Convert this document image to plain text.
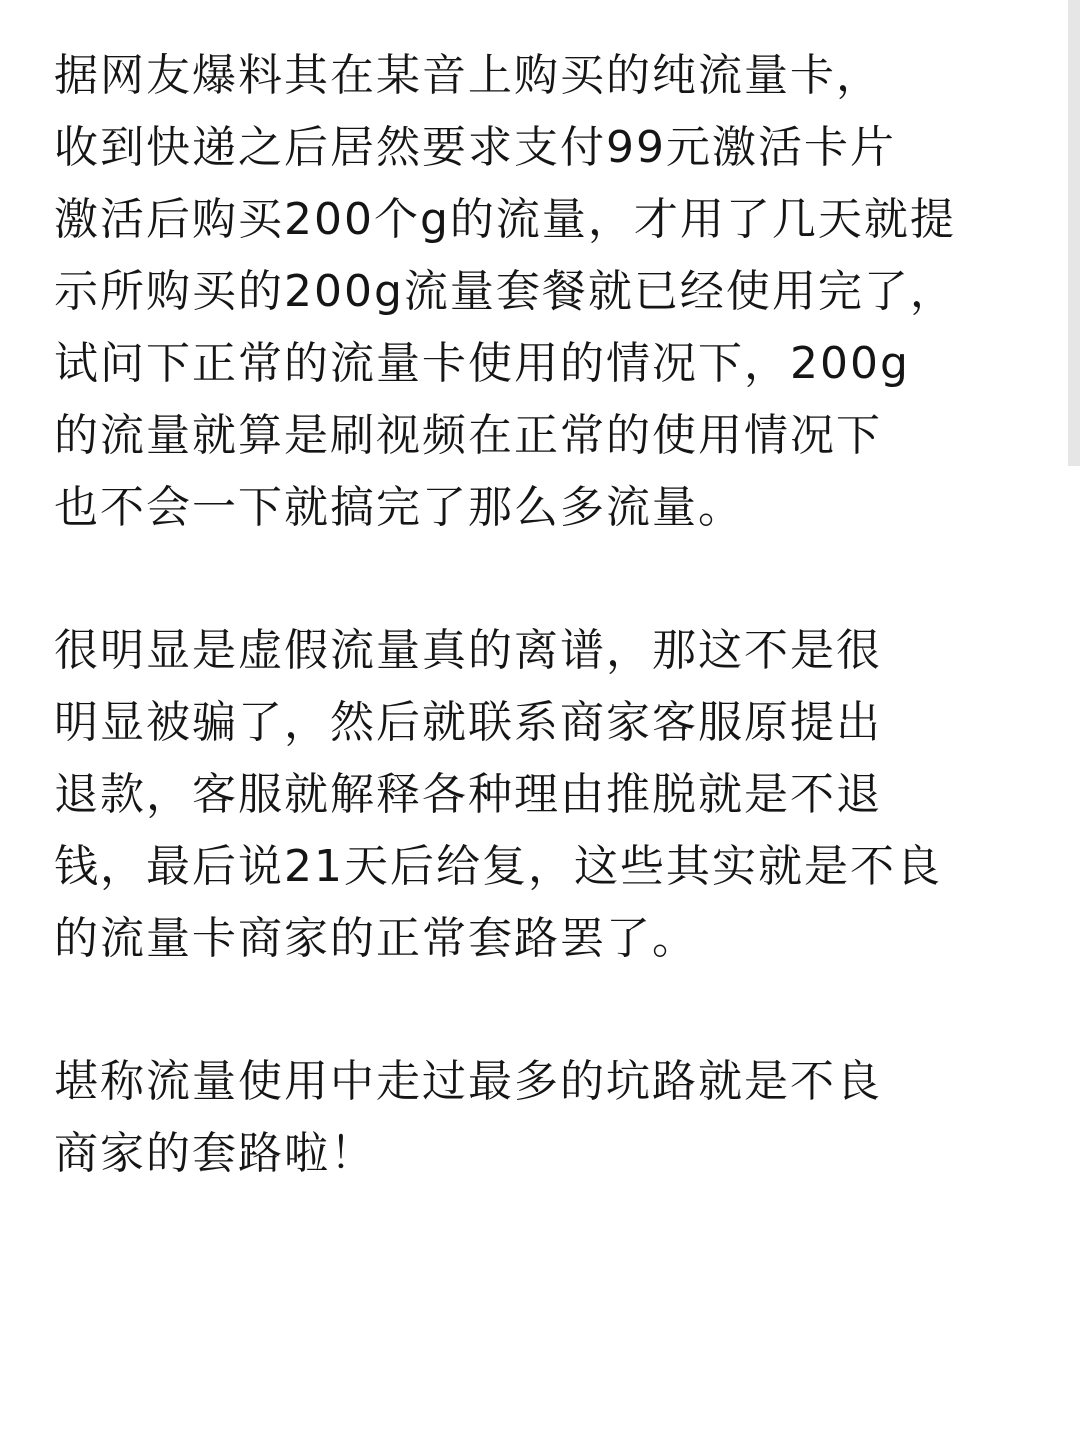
据网友爆料其在某音上购买的纯流量卡，
收到快递之后居然要求支付99元激活卡片
激活后购买200个g的流量，才用了几天就提
示所购买的200g流量套餐就已经使用完了，
试问下正常的流量卡使用的情况下，200g
的流量就算是刷视频在正常的使用情况下
也不会一下就搞完了那么多流量。
很明显是虚假流量真的离谱，那这不是很
明显被骗了，然后就联系商家客服原提出
退款，客服就解释各种理由推脱就是不退
钱，最后说21天后给复，这些其实就是不良
的流量卡商家的正常套路罢了。
堪称流量使用中走过最多的坑路就是不良
商家的套路啦！
